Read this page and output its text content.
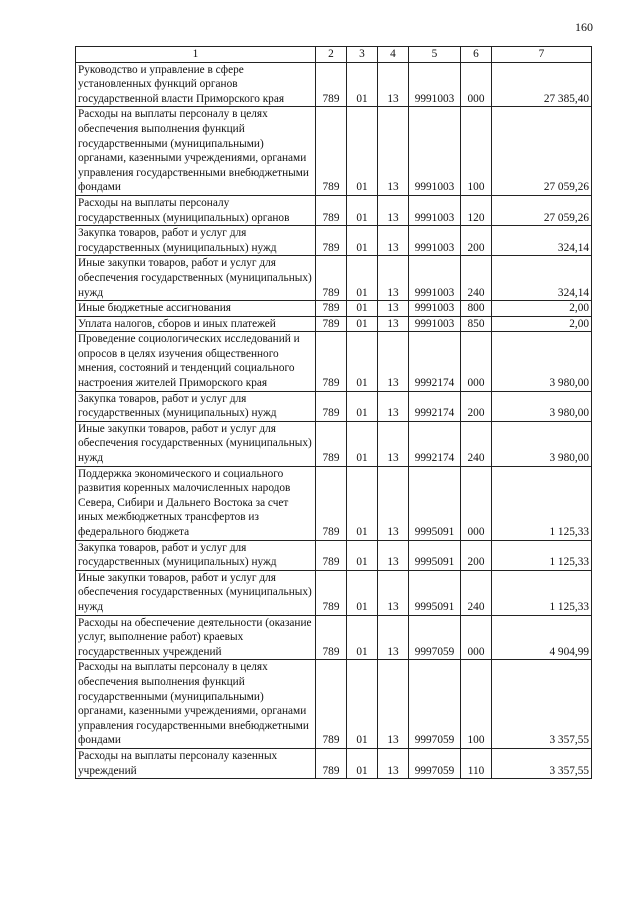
160
1	2	3	4	5	6	7
Руководство и управление в сфере установленных функций органов государственной власти Приморского края	789	01	13	9991003	000	27 385,40
Расходы на выплаты персоналу в целях обеспечения выполнения функций государственными (муниципальными) органами, казенными учреждениями, органами управления государственными внебюджетными фондами	789	01	13	9991003	100	27 059,26
Расходы на выплаты персоналу государственных (муниципальных) органов	789	01	13	9991003	120	27 059,26
Закупка товаров, работ и услуг для государственных (муниципальных) нужд	789	01	13	9991003	200	324,14
Иные закупки товаров, работ и услуг для обеспечения государственных (муниципальных) нужд	789	01	13	9991003	240	324,14
Иные бюджетные ассигнования	789	01	13	9991003	800	2,00
Уплата налогов, сборов и иных платежей	789	01	13	9991003	850	2,00
Проведение социологических исследований и опросов в целях изучения общественного мнения, состояний и тенденций социального настроения жителей Приморского края	789	01	13	9992174	000	3 980,00
Закупка товаров, работ и услуг для государственных (муниципальных) нужд	789	01	13	9992174	200	3 980,00
Иные закупки товаров, работ и услуг для обеспечения государственных (муниципальных) нужд	789	01	13	9992174	240	3 980,00
Поддержка экономического и социального развития коренных малочисленных народов Севера, Сибири и Дальнего Востока за счет иных межбюджетных трансфертов из федерального бюджета	789	01	13	9995091	000	1 125,33
Закупка товаров, работ и услуг для государственных (муниципальных) нужд	789	01	13	9995091	200	1 125,33
Иные закупки товаров, работ и услуг для обеспечения государственных (муниципальных) нужд	789	01	13	9995091	240	1 125,33
Расходы на обеспечение деятельности (оказание услуг, выполнение работ) краевых государственных учреждений	789	01	13	9997059	000	4 904,99
Расходы на выплаты персоналу в целях обеспечения выполнения функций государственными (муниципальными) органами, казенными учреждениями, органами управления государственными внебюджетными фондами	789	01	13	9997059	100	3 357,55
Расходы на выплаты персоналу казенных учреждений	789	01	13	9997059	110	3 357,55
